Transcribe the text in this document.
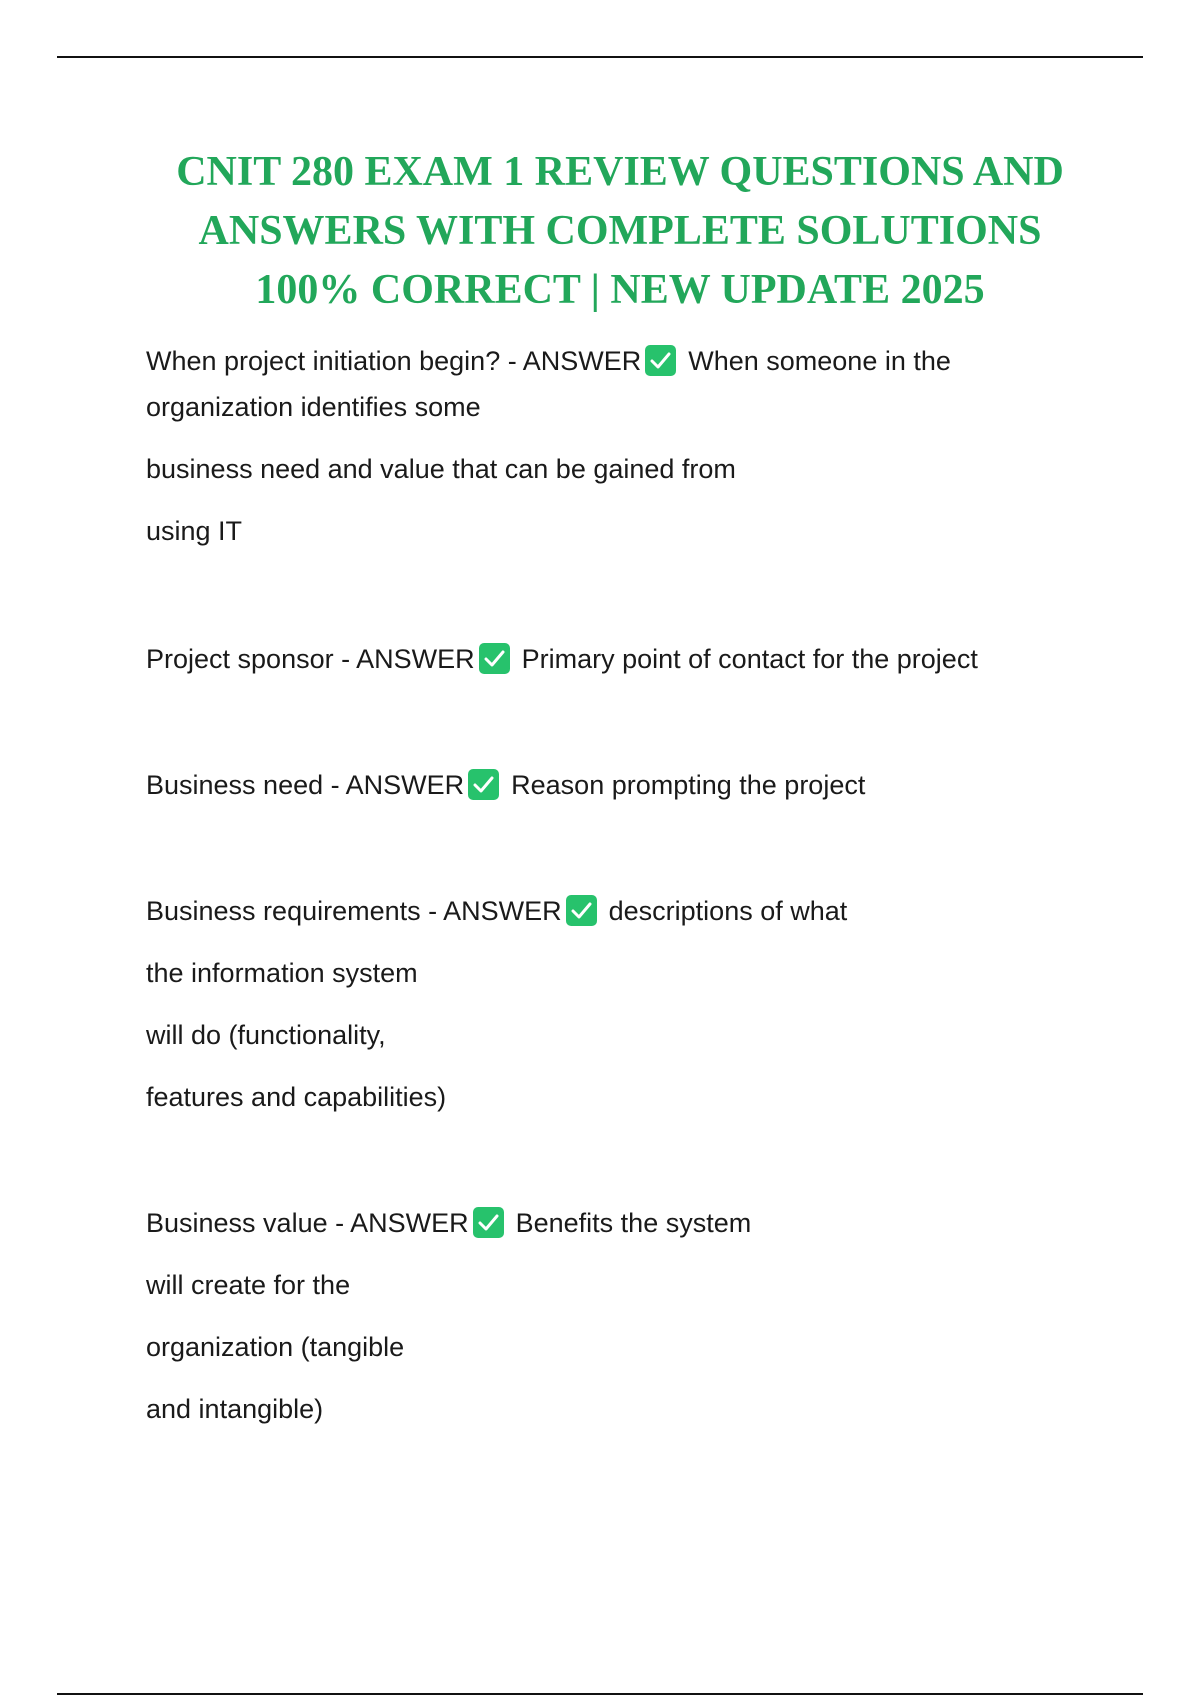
CNIT 280 EXAM 1 REVIEW QUESTIONS AND
ANSWERS WITH COMPLETE SOLUTIONS
100% CORRECT | NEW UPDATE 2025
When project initiation begin? - ANSWER When someone in the
organization identifies some
business need and value that can be gained from
using IT
Project sponsor - ANSWER Primary point of contact for the project
Business need - ANSWER Reason prompting the project
Business requirements - ANSWER descriptions of what
the information system
will do (functionality,
features and capabilities)
Business value - ANSWER Benefits the system
will create for the
organization (tangible
and intangible)
